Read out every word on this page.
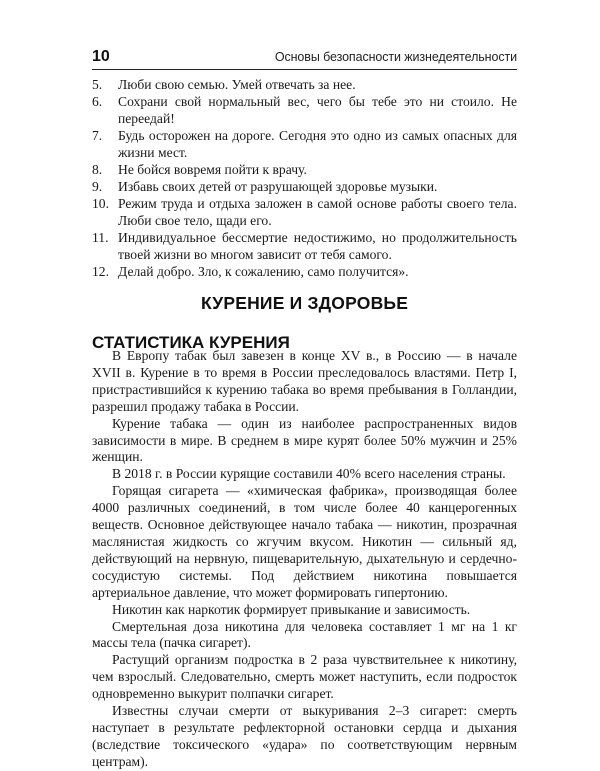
10	Основы безопасности жизнедеятельности
5.	Люби свою семью. Умей отвечать за нее.
6.	Сохрани свой нормальный вес, чего бы тебе это ни стоило. Не переедай!
7.	Будь осторожен на дороге. Сегодня это одно из самых опасных для жизни мест.
8.	Не бойся вовремя пойти к врачу.
9.	Избавь своих детей от разрушающей здоровье музыки.
10. Режим труда и отдыха заложен в самой основе работы своего тела. Люби свое тело, щади его.
11. Индивидуальное бессмертие недостижимо, но продолжительность твоей жизни во многом зависит от тебя самого.
12. Делай добро. Зло, к сожалению, само получится».
КУРЕНИЕ И ЗДОРОВЬЕ
СТАТИСТИКА КУРЕНИЯ

В Европу табак был завезен в конце XV в., в Россию — в начале XVII в. Курение в то время в России преследовалось властями. Петр I, пристрастившийся к курению табака во время пребывания в Голландии, разрешил продажу табака в России.

Курение табака — один из наиболее распространенных видов зависимости в мире. В среднем в мире курят более 50% мужчин и 25% женщин.

В 2018 г. в России курящие составили 40% всего населения страны.

Горящая сигарета — «химическая фабрика», производящая более 4000 различных соединений, в том числе более 40 канцерогенных веществ. Основное действующее начало табака — никотин, прозрачная маслянистая жидкость со жгучим вкусом. Никотин — сильный яд, действующий на нервную, пищеварительную, дыхательную и сердечно-сосудистую системы. Под действием никотина повышается артериальное давление, что может формировать гипертонию.

Никотин как наркотик формирует привыкание и зависимость.

Смертельная доза никотина для человека составляет 1 мг на 1 кг массы тела (пачка сигарет).

Растущий организм подростка в 2 раза чувствительнее к никотину, чем взрослый. Следовательно, смерть может наступить, если подросток одновременно выкурит полпачки сигарет.

Известны случаи смерти от выкуривания 2–3 сигарет: смерть наступает в результате рефлекторной остановки сердца и дыхания (вследствие токсического «удара» по соответствующим нервным центрам).
